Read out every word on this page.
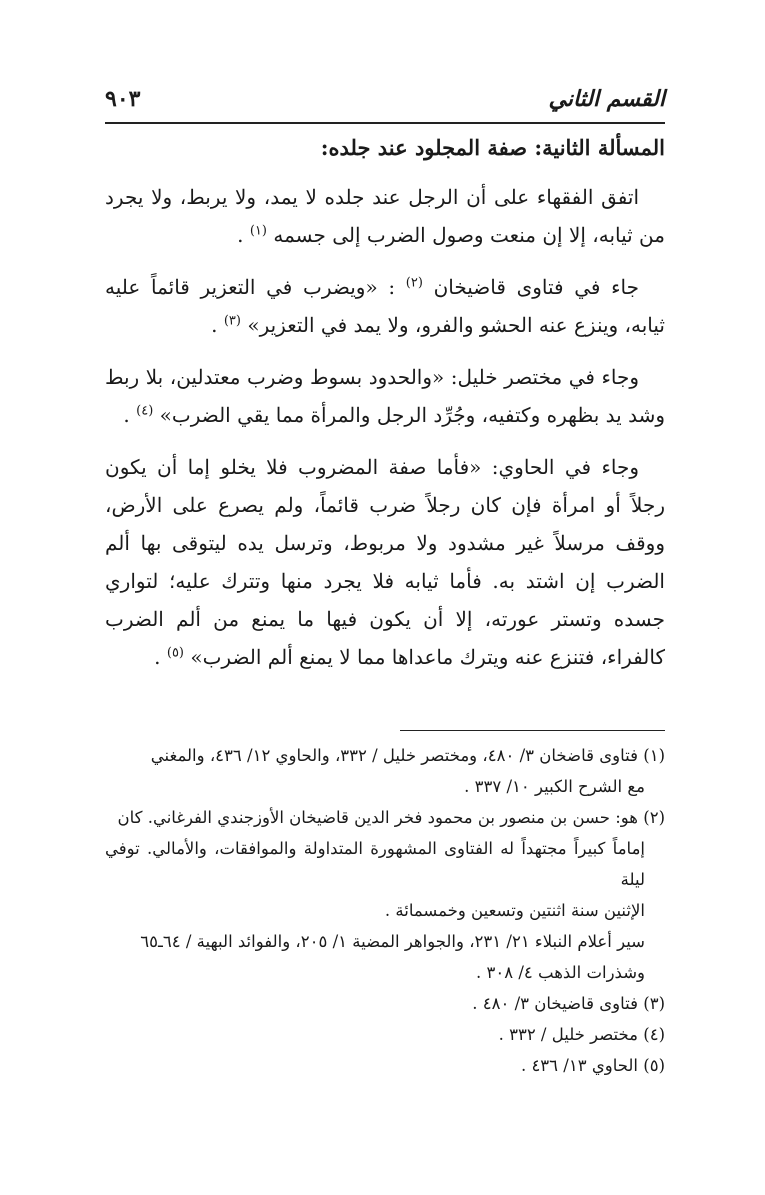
القسم الثاني
٩٠٣
المسألة الثانية: صفة المجلود عند جلده:

اتفق الفقهاء على أن الرجل عند جلده لا يمد، ولا يربط، ولا يجرد من ثيابه، إلا إن منعت وصول الضرب إلى جسمه $^{(١)}$ .

جاء في فتاوى قاضيخان $^{(٢)}$ : «ويضرب في التعزير قائماً عليه ثيابه، وينزع عنه الحشو والفرو، ولا يمد في التعزير» $^{(٣)}$ .

وجاء في مختصر خليل: «والحدود بسوط وضرب معتدلين، بلا ربط وشد يد بظهره وكتفيه، وجُرِّد الرجل والمرأة مما يقي الضرب» $^{(٤)}$ .

وجاء في الحاوي: «فأما صفة المضروب فلا يخلو إما أن يكون رجلاً أو امرأة فإن كان رجلاً ضرب قائماً، ولم يصرع على الأرض، ووقف مرسلاً غير مشدود ولا مربوط، وترسل يده ليتوقى بها ألم الضرب إن اشتد به. فأما ثيابه فلا يجرد منها وتترك عليه؛ لتواري جسده وتستر عورته، إلا أن يكون فيها ما يمنع من ألم الضرب كالفراء، فتنزع عنه ويترك ماعداها مما لا يمنع ألم الضرب» $^{(٥)}$ .

(١) فتاوى قاضخان ٣/ ٤٨٠، ومختصر خليل / ٣٣٢، والحاوي ١٢/ ٤٣٦، والمغني

مع الشرح الكبير ١٠/ ٣٣٧ .

(٢) هو: حسن بن منصور بن محمود فخر الدين قاضيخان الأوزجندي الفرغاني. كان

إماماً كبيراً مجتهداً له الفتاوى المشهورة المتداولة والموافقات، والأمالي. توفي ليلة

الإثنين سنة اثنتين وتسعين وخمسمائة .

سير أعلام النبلاء ٢١/ ٢٣١، والجواهر المضية ١/ ٢٠٥، والفوائد البهية / ٦٤ـ٦٥

وشذرات الذهب ٤/ ٣٠٨ .

(٣) فتاوى قاضيخان ٣/ ٤٨٠ .

(٤) مختصر خليل / ٣٣٢ .

(٥) الحاوي ١٣/ ٤٣٦ .
